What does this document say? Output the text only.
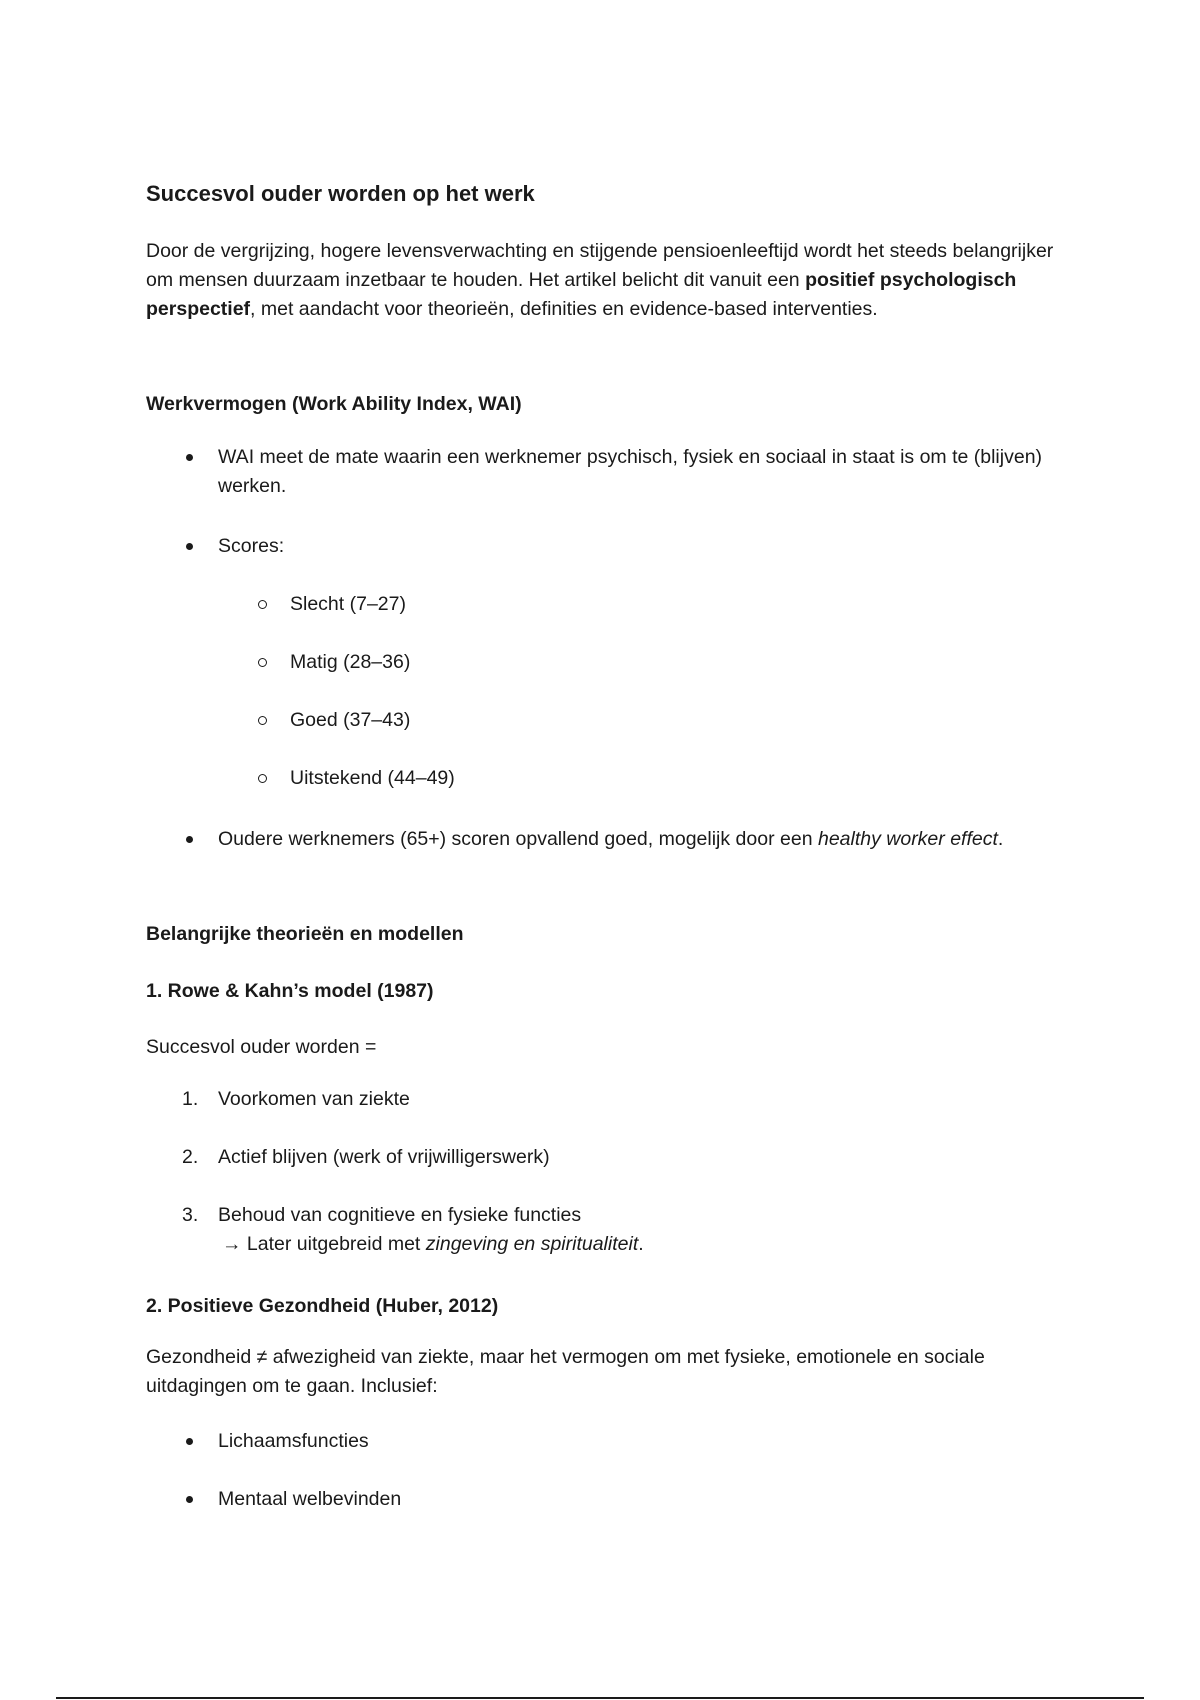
Succesvol ouder worden op het werk
Door de vergrijzing, hogere levensverwachting en stijgende pensioenleeftijd wordt het steeds belangrijker om mensen duurzaam inzetbaar te houden. Het artikel belicht dit vanuit een positief psychologisch perspectief, met aandacht voor theorieën, definities en evidence-based interventies.
Werkvermogen (Work Ability Index, WAI)
WAI meet de mate waarin een werknemer psychisch, fysiek en sociaal in staat is om te (blijven) werken.
Scores:
Slecht (7–27)
Matig (28–36)
Goed (37–43)
Uitstekend (44–49)
Oudere werknemers (65+) scoren opvallend goed, mogelijk door een healthy worker effect.
Belangrijke theorieën en modellen
1. Rowe & Kahn’s model (1987)
Succesvol ouder worden =
1.	Voorkomen van ziekte
2.	Actief blijven (werk of vrijwilligerswerk)
3.	Behoud van cognitieve en fysieke functies
→ Later uitgebreid met zingeving en spiritualiteit.
2. Positieve Gezondheid (Huber, 2012)
Gezondheid ≠ afwezigheid van ziekte, maar het vermogen om met fysieke, emotionele en sociale uitdagingen om te gaan. Inclusief:
Lichaamsfuncties
Mentaal welbevinden
